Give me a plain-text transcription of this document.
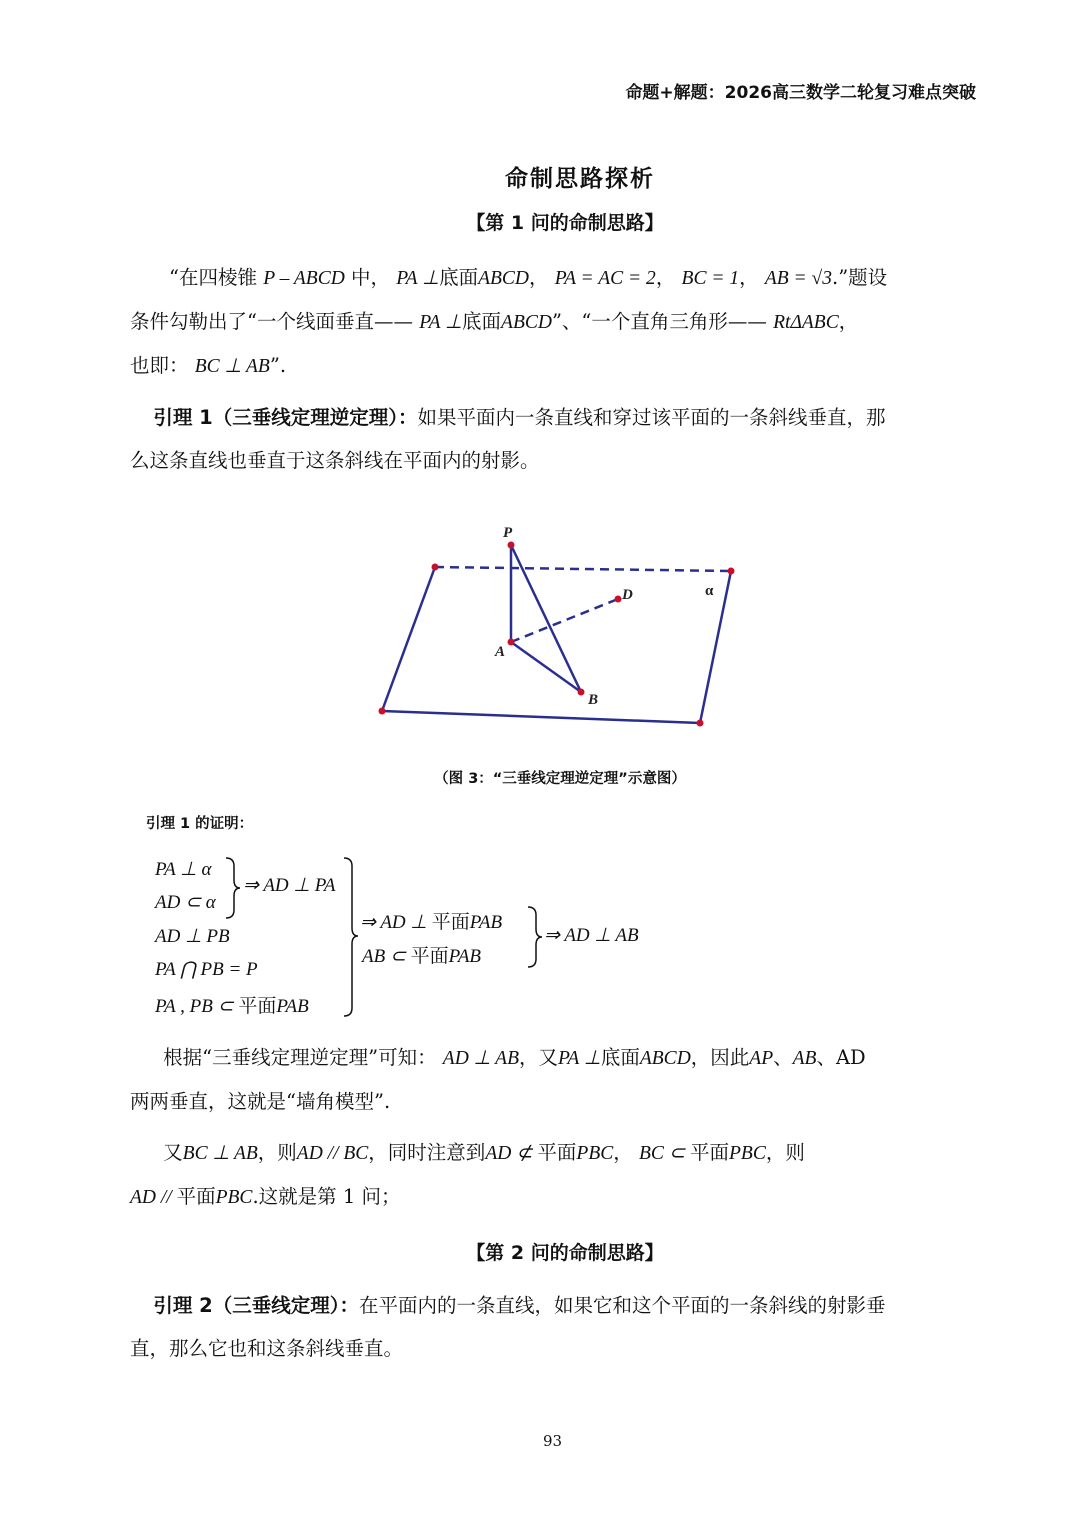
命题+解题：2026高三数学二轮复习难点突破
命制思路探析
【第 1 问的命制思路】

“在四棱锥 P – ABCD 中， PA ⊥底面ABCD， PA = AC = 2， BC = 1， AB = √3.”题设

条件勾勒出了“一个线面垂直—— PA ⊥底面ABCD”、“一个直角三角形—— RtΔABC，

也即： BC ⊥ AB”.

引理 1（三垂线定理逆定理）：如果平面内一条直线和穿过该平面的一条斜线垂直，那

么这条直线也垂直于这条斜线在平面内的射影。

P
D
A
B
α
（图 3：“三垂线定理逆定理”示意图）
引理 1 的证明：
PA ⊥ α
AD ⊂ α
AD ⊥ PB
PA ⋂ PB = P
PA , PB ⊂ 平面PAB
⇒ AD ⊥ PA
⇒ AD ⊥ 平面PAB
AB ⊂ 平面PAB
⇒ AD ⊥ AB

根据“三垂线定理逆定理”可知： AD ⊥ AB，又PA ⊥底面ABCD，因此AP、AB、AD

两两垂直，这就是“墙角模型”.

又BC ⊥ AB，则AD // BC，同时注意到AD ⊄ 平面PBC， BC ⊂ 平面PBC，则

AD // 平面PBC.这就是第 1 问；

【第 2 问的命制思路】

引理 2（三垂线定理）：在平面内的一条直线，如果它和这个平面的一条斜线的射影垂

直，那么它也和这条斜线垂直。

93
